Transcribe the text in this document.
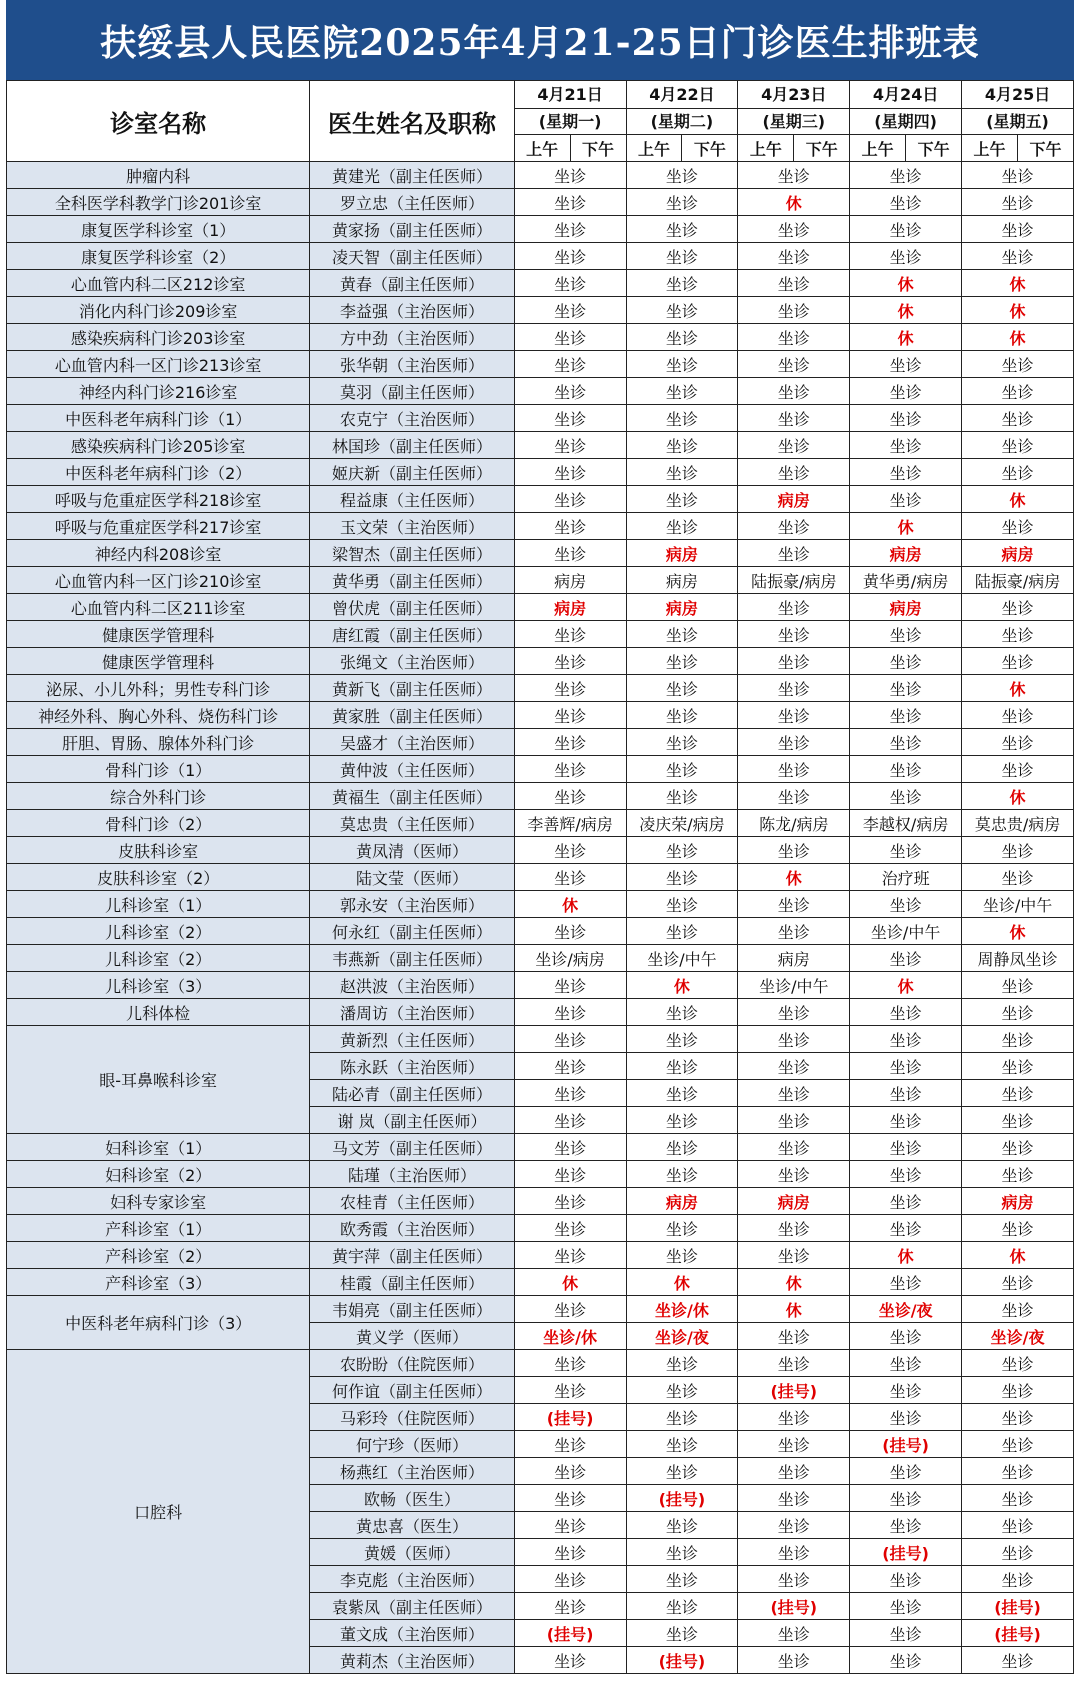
扶绥县人民医院2025年4月21-25日门诊医生排班表
诊室名称	医生姓名及职称	4月21日		4月22日		4月23日		4月24日		4月25日	

		(星期一)		(星期二)		(星期三)		(星期四)		(星期五)	
		上午	下午	上午	下午	上午	下午	上午	下午	上午	下午
肿瘤内科	黄建光（副主任医师）	坐诊		坐诊		坐诊		坐诊		坐诊	
全科医学科教学门诊201诊室	罗立忠（主任医师）	坐诊		坐诊		休		坐诊		坐诊	
康复医学科诊室（1）	黄家扬（副主任医师）	坐诊		坐诊		坐诊		坐诊		坐诊	
康复医学科诊室（2）	凌天智（副主任医师）	坐诊		坐诊		坐诊		坐诊		坐诊	
心血管内科二区212诊室	黄春（副主任医师）	坐诊		坐诊		坐诊		休		休	
消化内科门诊209诊室	李益强（主治医师）	坐诊		坐诊		坐诊		休		休	
感染疾病科门诊203诊室	方中劲（主治医师）	坐诊		坐诊		坐诊		休		休	
心血管内科一区门诊213诊室	张华朝（主治医师）	坐诊		坐诊		坐诊		坐诊		坐诊	
神经内科门诊216诊室	莫羽（副主任医师）	坐诊		坐诊		坐诊		坐诊		坐诊	
中医科老年病科门诊（1）	农克宁（主治医师）	坐诊		坐诊		坐诊		坐诊		坐诊	
感染疾病科门诊205诊室	林国珍（副主任医师）	坐诊		坐诊		坐诊		坐诊		坐诊	
中医科老年病科门诊（2）	姬庆新（副主任医师）	坐诊		坐诊		坐诊		坐诊		坐诊	
呼吸与危重症医学科218诊室	程益康（主任医师）	坐诊		坐诊		病房		坐诊		休	
呼吸与危重症医学科217诊室	玉文荣（主治医师）	坐诊		坐诊		坐诊		休		坐诊	
神经内科208诊室	梁智杰（副主任医师）	坐诊		病房		坐诊		病房		病房	
心血管内科一区门诊210诊室	黄华勇（副主任医师）	病房		病房		陆振豪/病房		黄华勇/病房		陆振豪/病房	
心血管内科二区211诊室	曾伏虎（副主任医师）	病房		病房		坐诊		病房		坐诊	
健康医学管理科	唐红霞（副主任医师）	坐诊		坐诊		坐诊		坐诊		坐诊	
健康医学管理科	张绳文（主治医师）	坐诊		坐诊		坐诊		坐诊		坐诊	
泌尿、小儿外科；男性专科门诊	黄新飞（副主任医师）	坐诊		坐诊		坐诊		坐诊		休	
神经外科、胸心外科、烧伤科门诊	黄家胜（副主任医师）	坐诊		坐诊		坐诊		坐诊		坐诊	
肝胆、胃肠、腺体外科门诊	吴盛才（主治医师）	坐诊		坐诊		坐诊		坐诊		坐诊	
骨科门诊（1）	黄仲波（主任医师）	坐诊		坐诊		坐诊		坐诊		坐诊	
综合外科门诊	黄福生（副主任医师）	坐诊		坐诊		坐诊		坐诊		休	
骨科门诊（2）	莫忠贵（主任医师）	李善辉/病房		凌庆荣/病房		陈龙/病房		李越权/病房		莫忠贵/病房	
皮肤科诊室	黄凤清（医师）	坐诊		坐诊		坐诊		坐诊		坐诊	
皮肤科诊室（2）	陆文莹（医师）	坐诊		坐诊		休		治疗班		坐诊	
儿科诊室（1）	郭永安（主治医师）	休		坐诊		坐诊		坐诊		坐诊/中午	
儿科诊室（2）	何永红（副主任医师）	坐诊		坐诊		坐诊		坐诊/中午		休	
儿科诊室（2）	韦燕新（副主任医师）	坐诊/病房		坐诊/中午		病房		坐诊		周静凤坐诊	
儿科诊室（3）	赵洪波（主治医师）	坐诊		休		坐诊/中午		休		坐诊	
儿科体检	潘周访（主治医师）	坐诊		坐诊		坐诊		坐诊		坐诊	
眼-耳鼻喉科诊室	黄新烈（主任医师）	坐诊		坐诊		坐诊		坐诊		坐诊	
	陈永跃（主治医师）	坐诊		坐诊		坐诊		坐诊		坐诊	
	陆必青（副主任医师）	坐诊		坐诊		坐诊		坐诊		坐诊	
	谢 岚（副主任医师）	坐诊		坐诊		坐诊		坐诊		坐诊	
妇科诊室（1）	马文芳（副主任医师）	坐诊		坐诊		坐诊		坐诊		坐诊	
妇科诊室（2）	陆瑾（主治医师）	坐诊		坐诊		坐诊		坐诊		坐诊	
妇科专家诊室	农桂青（主任医师）	坐诊		病房		病房		坐诊		病房	
产科诊室（1）	欧秀霞（主治医师）	坐诊		坐诊		坐诊		坐诊		坐诊	
产科诊室（2）	黄宇萍（副主任医师）	坐诊		坐诊		坐诊		休		休	
产科诊室（3）	桂霞（副主任医师）	休		休		休		坐诊		坐诊	
中医科老年病科门诊（3）	韦娟亮（副主任医师）	坐诊		坐诊/休		休		坐诊/夜		坐诊	
	黄义学（医师）	坐诊/休		坐诊/夜		坐诊		坐诊		坐诊/夜	
口腔科	农盼盼（住院医师）	坐诊		坐诊		坐诊		坐诊		坐诊	
	何作谊（副主任医师）	坐诊		坐诊		(挂号)		坐诊		坐诊	
	马彩玲（住院医师）	(挂号)		坐诊		坐诊		坐诊		坐诊	
	何宁珍（医师）	坐诊		坐诊		坐诊		(挂号)		坐诊	
	杨燕红（主治医师）	坐诊		坐诊		坐诊		坐诊		坐诊	
	欧畅（医生）	坐诊		(挂号)		坐诊		坐诊		坐诊	
	黄忠喜（医生）	坐诊		坐诊		坐诊		坐诊		坐诊	
	黄媛（医师）	坐诊		坐诊		坐诊		(挂号)		坐诊	
	李克彪（主治医师）	坐诊		坐诊		坐诊		坐诊		坐诊	
	袁紫凤（副主任医师）	坐诊		坐诊		(挂号)		坐诊		(挂号)	
	董文成（主治医师）	(挂号)		坐诊		坐诊		坐诊		(挂号)	
	黄莉杰（主治医师）	坐诊		(挂号)		坐诊		坐诊		坐诊	
